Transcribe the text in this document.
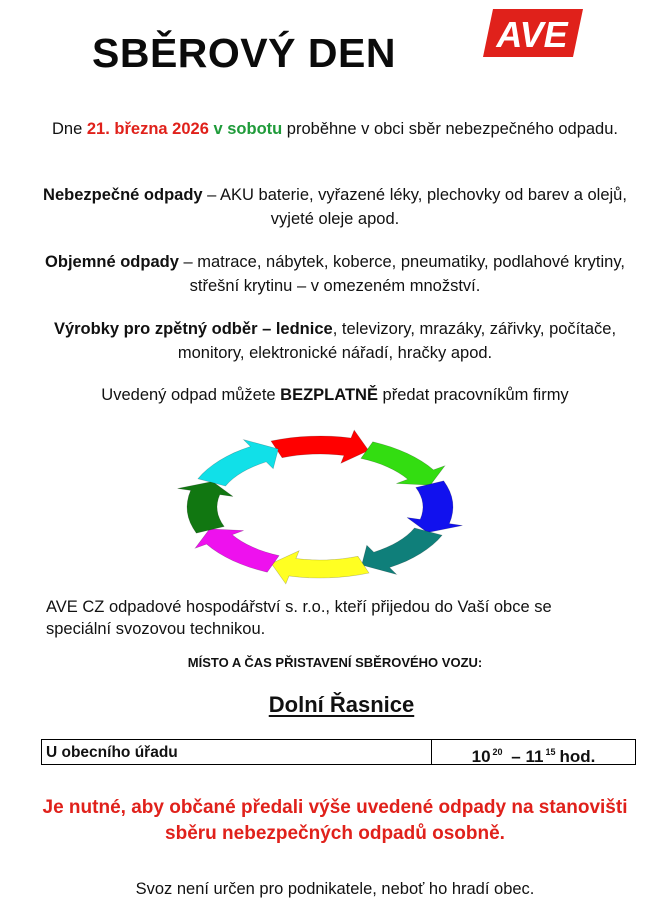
SBĚROVÝ DEN	AVE
Dne 21. března 2026 v sobotu proběhne v obci sběr nebezpečného odpadu.
Nebezpečné odpady – AKU baterie, vyřazené léky, plechovky od barev a olejů, vyjeté oleje apod.
Objemné odpady – matrace, nábytek, koberce, pneumatiky, podlahové krytiny, střešní krytinu – v omezeném množství.
Výrobky pro zpětný odběr – lednice, televizory, mrazáky, zářivky, počítače, monitory, elektronické nářadí, hračky apod.
Uvedený odpad můžete BEZPLATNĚ předat pracovníkům firmy
AVE CZ odpadové hospodářství s. r.o., kteří přijedou do Vaší obce se speciální svozovou technikou.
MÍSTO A ČAS PŘISTAVENÍ SBĚROVÉHO VOZU:
Dolní Řasnice
U obecního úřadu	10 $^{20}$ – 11 $^{15}$ hod.
Je nutné, aby občané předali výše uvedené odpady na stanovišti sběru nebezpečných odpadů osobně.
Svoz není určen pro podnikatele, neboť ho hradí obec.
